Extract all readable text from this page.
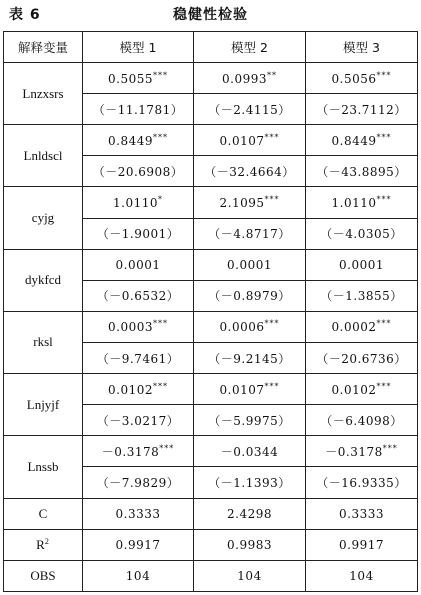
表 6	稳健性检验
解释变量	模型 1	模型 2	模型 3
Lnzxsrs	0.5055***	0.0993**	0.5056***
	（－11.1781）	（－2.4115）	（－23.7112）
Lnldscl	0.8449***	0.0107***	0.8449***
	（－20.6908）	（－32.4664）	（－43.8895）
cyjg	1.0110*	2.1095***	1.0110***
	（－1.9001）	（－4.8717）	（－4.0305）
dykfcd	0.0001	0.0001	0.0001
	（－0.6532）	（－0.8979）	（－1.3855）
rksl	0.0003***	0.0006***	0.0002***
	（－9.7461）	（－9.2145）	（－20.6736）
Lnjyjf	0.0102***	0.0107***	0.0102***
	（－3.0217）	（－5.9975）	（－6.4098）
Lnssb	－0.3178***	－0.0344	－0.3178***
	（－7.9829）	（－1.1393）	（－16.9335）
C	0.3333	2.4298	0.3333
$R^2$	0.9917	0.9983	0.9917
OBS	104	104	104
